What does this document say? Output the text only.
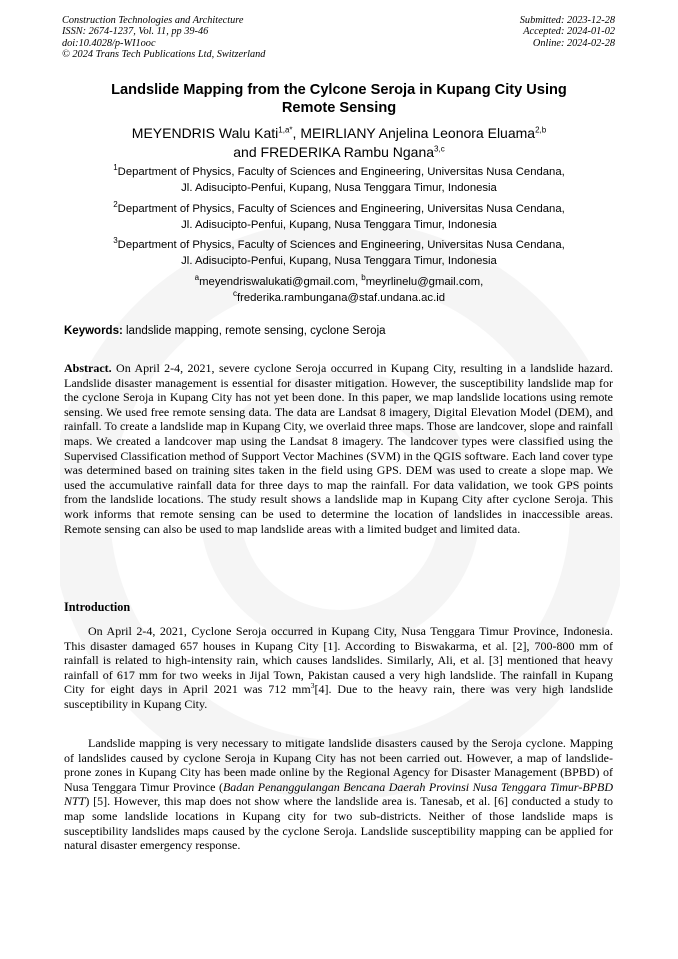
Construction Technologies and Architecture
ISSN: 2674-1237, Vol. 11, pp 39-46
doi:10.4028/p-WI1ooc
© 2024 Trans Tech Publications Ltd, Switzerland
Submitted: 2023-12-28
Accepted: 2024-01-02
Online: 2024-02-28
Landslide Mapping from the Cylcone Seroja in Kupang City Using
Remote Sensing
MEYENDRIS Walu Kati$^{1,a*}$, MEIRLIANY Anjelina Leonora Eluama$^{2,b}$
and FREDERIKA Rambu Ngana$^{3,c}$
$^1$Department of Physics, Faculty of Sciences and Engineering, Universitas Nusa Cendana,
Jl. Adisucipto-Penfui, Kupang, Nusa Tenggara Timur, Indonesia
$^2$Department of Physics, Faculty of Sciences and Engineering, Universitas Nusa Cendana,
Jl. Adisucipto-Penfui, Kupang, Nusa Tenggara Timur, Indonesia
$^3$Department of Physics, Faculty of Sciences and Engineering, Universitas Nusa Cendana,
Jl. Adisucipto-Penfui, Kupang, Nusa Tenggara Timur, Indonesia
$^a$meyendriswalukati@gmail.com, $^b$meyrlinelu@gmail.com,
$^c$frederika.rambungana@staf.undana.ac.id
Keywords: landslide mapping, remote sensing, cyclone Seroja
Abstract. On April 2-4, 2021, severe cyclone Seroja occurred in Kupang City, resulting in a landslide hazard. Landslide disaster management is essential for disaster mitigation. However, the susceptibility landslide map for the cyclone Seroja in Kupang City has not yet been done. In this paper, we map landslide locations using remote sensing. We used free remote sensing data. The data are Landsat 8 imagery, Digital Elevation Model (DEM), and rainfall. To create a landslide map in Kupang City, we overlaid three maps. Those are landcover, slope and rainfall maps. We created a landcover map using the Landsat 8 imagery. The landcover types were classified using the Supervised Classification method of Support Vector Machines (SVM) in the QGIS software. Each land cover type was determined based on training sites taken in the field using GPS. DEM was used to create a slope map. We used the accumulative rainfall data for three days to map the rainfall. For data validation, we took GPS points from the landslide locations. The study result shows a landslide map in Kupang City after cyclone Seroja. This work informs that remote sensing can be used to determine the location of landslides in inaccessible areas. Remote sensing can also be used to map landslide areas with a limited budget and limited data.
Introduction
On April 2-4, 2021, Cyclone Seroja occurred in Kupang City, Nusa Tenggara Timur Province, Indonesia. This disaster damaged 657 houses in Kupang City [1]. According to Biswakarma, et al. [2], 700-800 mm of rainfall is related to high-intensity rain, which causes landslides. Similarly, Ali, et al. [3] mentioned that heavy rainfall of 617 mm for two weeks in Jijal Town, Pakistan caused a very high landslide. The rainfall in Kupang City for eight days in April 2021 was 712 $mm^3[4]$. Due to the heavy rain, there was very high landslide susceptibility in Kupang City.
Landslide mapping is very necessary to mitigate landslide disasters caused by the Seroja cyclone. Mapping of landslides caused by cyclone Seroja in Kupang City has not been carried out. However, a map of landslide-prone zones in Kupang City has been made online by the Regional Agency for Disaster Management (BPBD) of Nusa Tenggara Timur Province (Badan Penanggulangan Bencana Daerah Provinsi Nusa Tenggara Timur-BPBD NTT) [5]. However, this map does not show where the landslide area is. Tanesab, et al. [6] conducted a study to map some landslide locations in Kupang city for two sub-districts. Neither of those landslide maps is susceptibility landslides maps caused by the cyclone Seroja. Landslide susceptibility mapping can be applied for natural disaster emergency response.
